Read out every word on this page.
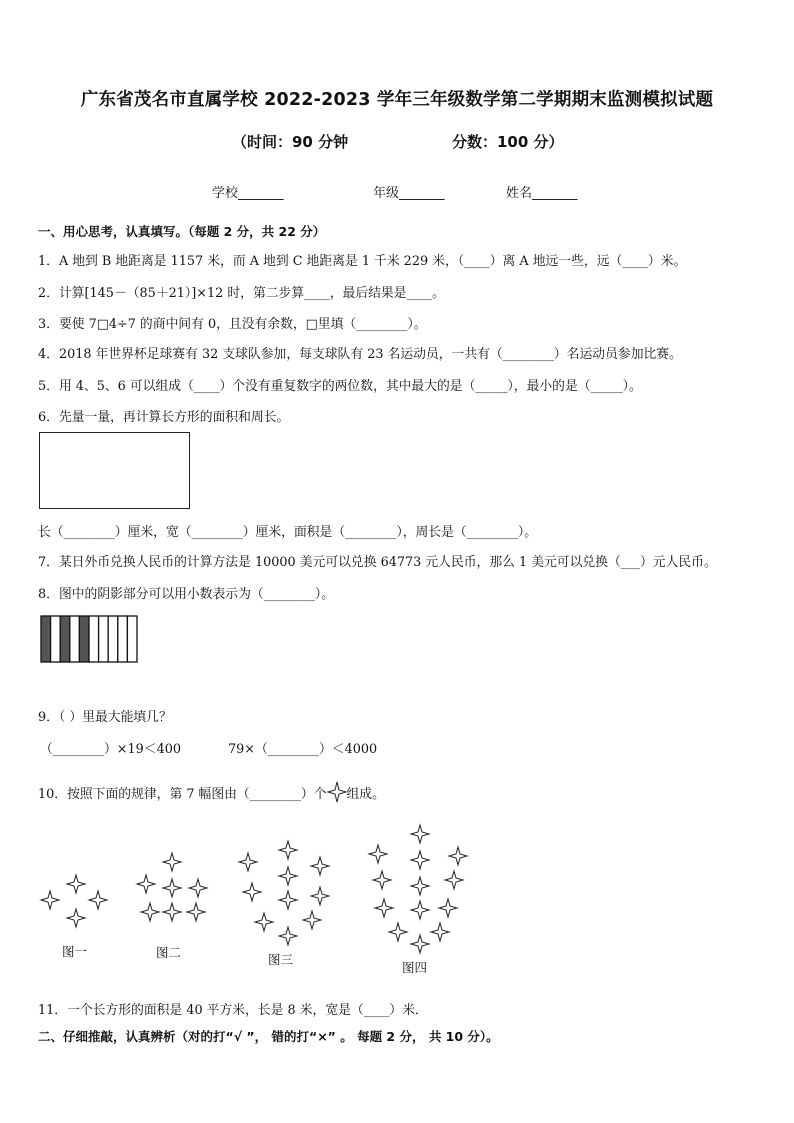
广东省茂名市直属学校 2022-2023 学年三年级数学第二学期期末监测模拟试题
（时间：90 分钟	分数：100 分）
学校_______	年级_______	姓名_______
一、用心思考，认真填写。（每题 2 分，共 22 分）
1．A 地到 B 地距离是 1157 米，而 A 地到 C 地距离是 1 千米 229 米，（____）离 A 地远一些，远（____）米。
2．计算[145－（85＋21）]×12 时，第二步算____，最后结果是____。
3．要使 7□4÷7 的商中间有 0，且没有余数，□里填（________）。
4．2018 年世界杯足球赛有 32 支球队参加，每支球队有 23 名运动员，一共有（________）名运动员参加比赛。
5．用 4、5、6 可以组成（____）个没有重复数字的两位数，其中最大的是（_____），最小的是（_____）。
6．先量一量，再计算长方形的面积和周长。
长（________）厘米，宽（________）厘米，面积是（________），周长是（________）。
7．某日外币兑换人民币的计算方法是 10000 美元可以兑换 64773 元人民币，那么 1 美元可以兑换（___）元人民币。
8．图中的阴影部分可以用小数表示为（________）。
9．（ ）里最大能填几？
（________）×19＜400	79×（________）＜4000
10．按照下面的规律，第 7 幅图由（________）个 组成。
图一	图二	图三
图四
11．一个长方形的面积是 40 平方米，长是 8 米，宽是（____）米．
二、仔细推敲，认真辨析（对的打“√ ”， 错的打“×” 。 每题 2 分， 共 10 分）。
